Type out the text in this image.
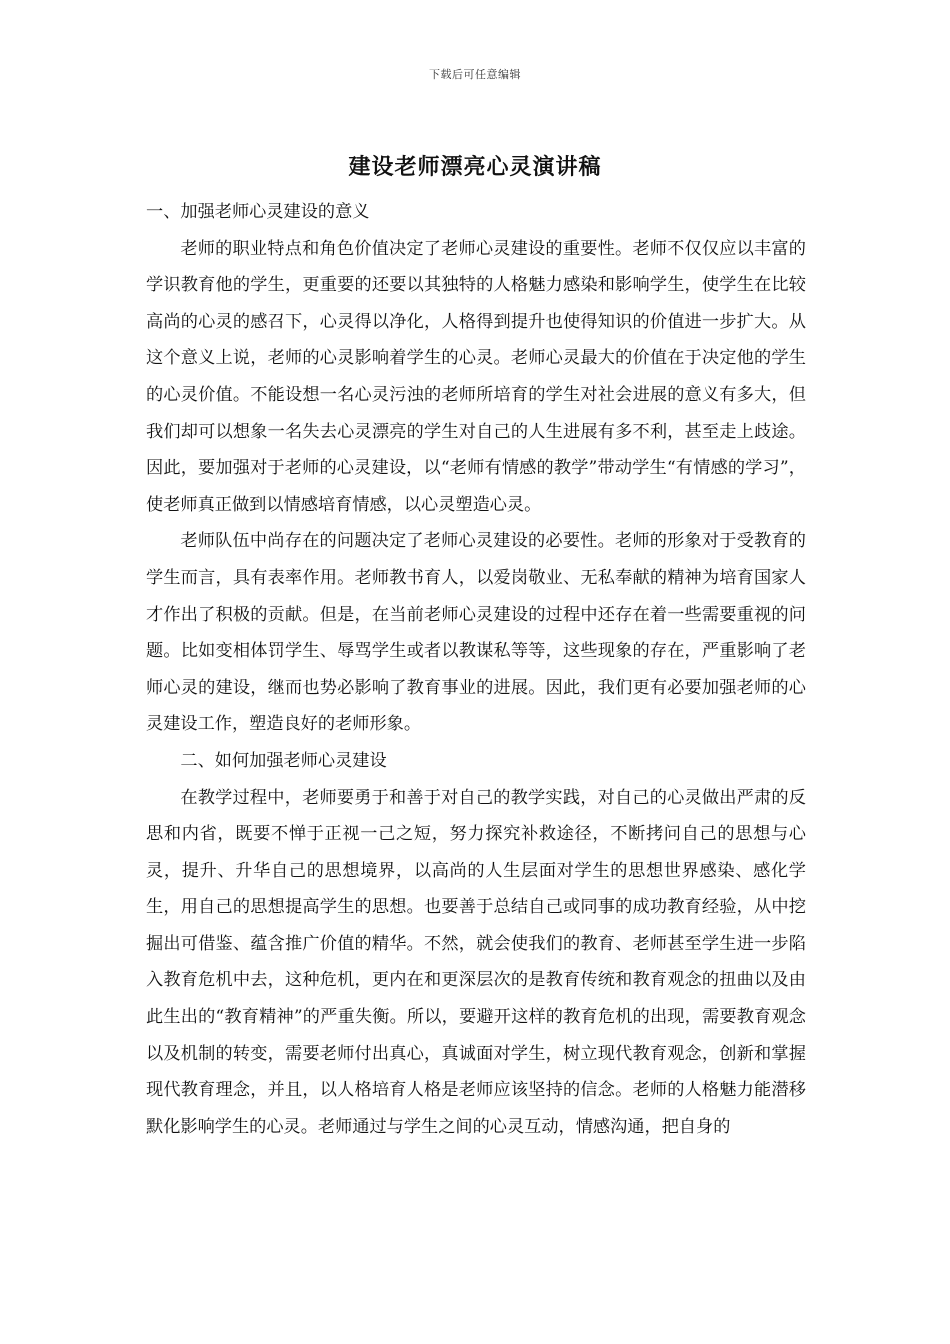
下载后可任意编辑
建设老师漂亮心灵演讲稿

一、加强老师心灵建设的意义

老师的职业特点和角色价值决定了老师心灵建设的重要性。老师不仅仅应以丰富的学识教育他的学生，更重要的还要以其独特的人格魅力感染和影响学生，使学生在比较高尚的心灵的感召下，心灵得以净化，人格得到提升也使得知识的价值进一步扩大。从这个意义上说，老师的心灵影响着学生的心灵。老师心灵最大的价值在于决定他的学生的心灵价值。不能设想一名心灵污浊的老师所培育的学生对社会进展的意义有多大，但我们却可以想象一名失去心灵漂亮的学生对自己的人生进展有多不利，甚至走上歧途。因此，要加强对于老师的心灵建设，以“老师有情感的教学”带动学生“有情感的学习”，使老师真正做到以情感培育情感，以心灵塑造心灵。

老师队伍中尚存在的问题决定了老师心灵建设的必要性。老师的形象对于受教育的学生而言，具有表率作用。老师教书育人，以爱岗敬业、无私奉献的精神为培育国家人才作出了积极的贡献。但是，在当前老师心灵建设的过程中还存在着一些需要重视的问题。比如变相体罚学生、辱骂学生或者以教谋私等等，这些现象的存在，严重影响了老师心灵的建设，继而也势必影响了教育事业的进展。因此，我们更有必要加强老师的心灵建设工作，塑造良好的老师形象。

二、如何加强老师心灵建设

在教学过程中，老师要勇于和善于对自己的教学实践，对自己的心灵做出严肃的反思和内省，既要不惮于正视一己之短，努力探究补救途径，不断拷问自己的思想与心灵，提升、升华自己的思想境界，以高尚的人生层面对学生的思想世界感染、感化学生，用自己的思想提高学生的思想。也要善于总结自己或同事的成功教育经验，从中挖掘出可借鉴、蕴含推广价值的精华。不然，就会使我们的教育、老师甚至学生进一步陷入教育危机中去，这种危机，更内在和更深层次的是教育传统和教育观念的扭曲以及由此生出的“教育精神”的严重失衡。所以，要避开这样的教育危机的出现，需要教育观念以及机制的转变，需要老师付出真心，真诚面对学生，树立现代教育观念，创新和掌握现代教育理念，并且，以人格培育人格是老师应该坚持的信念。老师的人格魅力能潜移默化影响学生的心灵。老师通过与学生之间的心灵互动，情感沟通，把自身的
